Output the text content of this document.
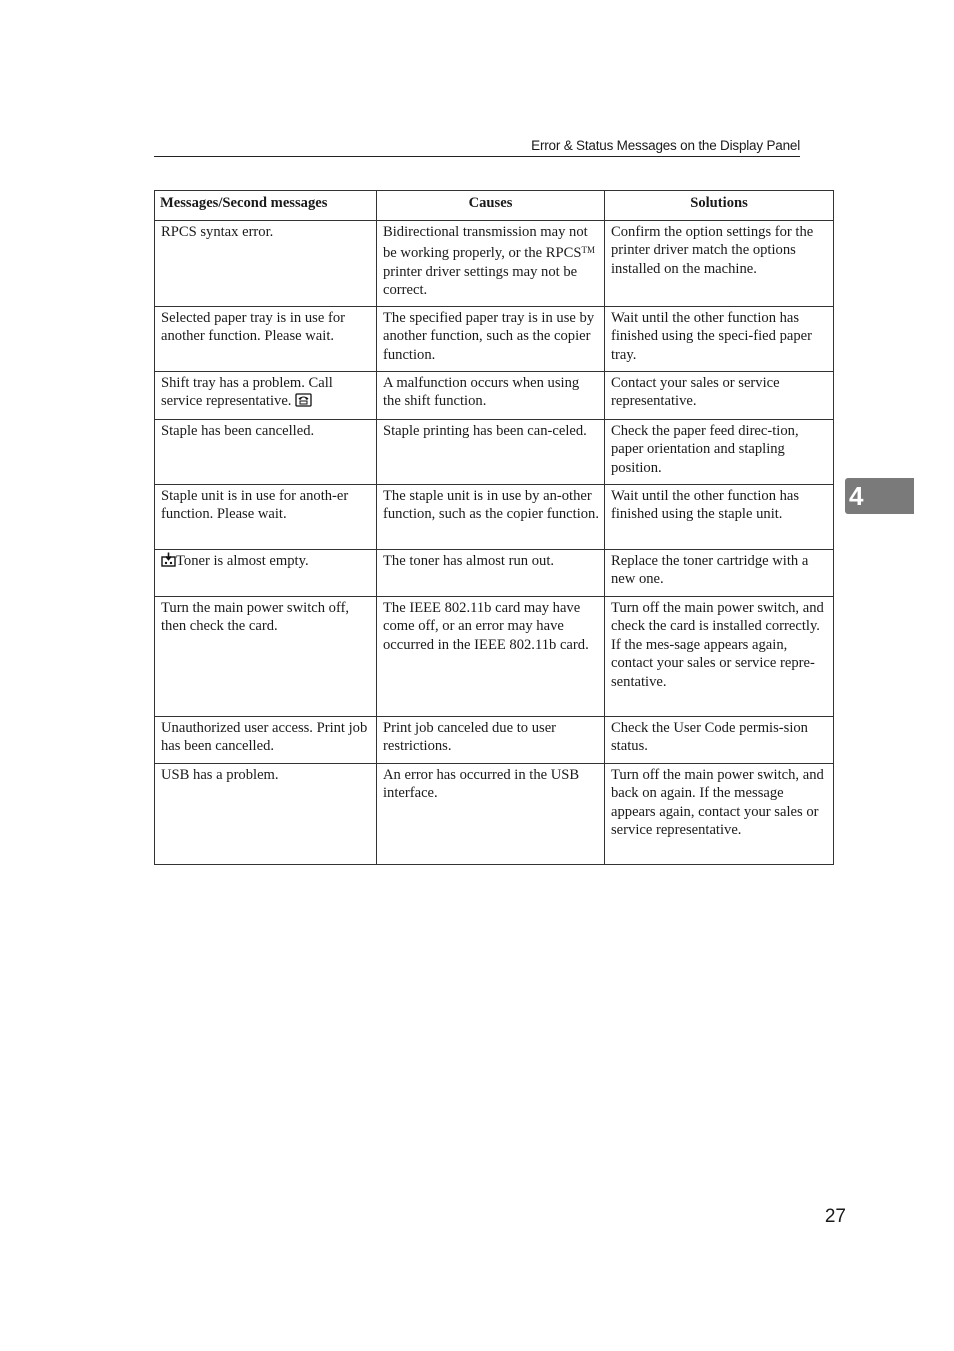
Error & Status Messages on the Display Panel
Messages/Second messages	Causes	Solutions
RPCS syntax error.	Bidirectional transmission may not be working properly, or the RPCS™ printer driver settings may not be correct.	Confirm the option settings for the printer driver match the options installed on the machine.
Selected paper tray is in use for another function. Please wait.	The specified paper tray is in use by another function, such as the copier function.	Wait until the other function has finished using the speci-fied paper tray.
Shift tray has a problem. Call service representative.	A malfunction occurs when using the shift function.	Contact your sales or service representative.
Staple has been cancelled.	Staple printing has been can-celed.	Check the paper feed direc-tion, paper orientation and stapling position.
Staple unit is in use for anoth-er function. Please wait.	The staple unit is in use by an-other function, such as the copier function.	Wait until the other function has finished using the staple unit.
Toner is almost empty.	The toner has almost run out.	Replace the toner cartridge with a new one.
Turn the main power switch off, then check the card.	The IEEE 802.11b card may have come off, or an error may have occurred in the IEEE 802.11b card.	Turn off the main power switch, and check the card is installed correctly. If the mes-sage appears again, contact your sales or service repre-sentative.
Unauthorized user access. Print job has been cancelled.	Print job canceled due to user restrictions.	Check the User Code permis-sion status.
USB has a problem.	An error has occurred in the USB interface.	Turn off the main power switch, and back on again. If the message appears again, contact your sales or service representative.
4
27
